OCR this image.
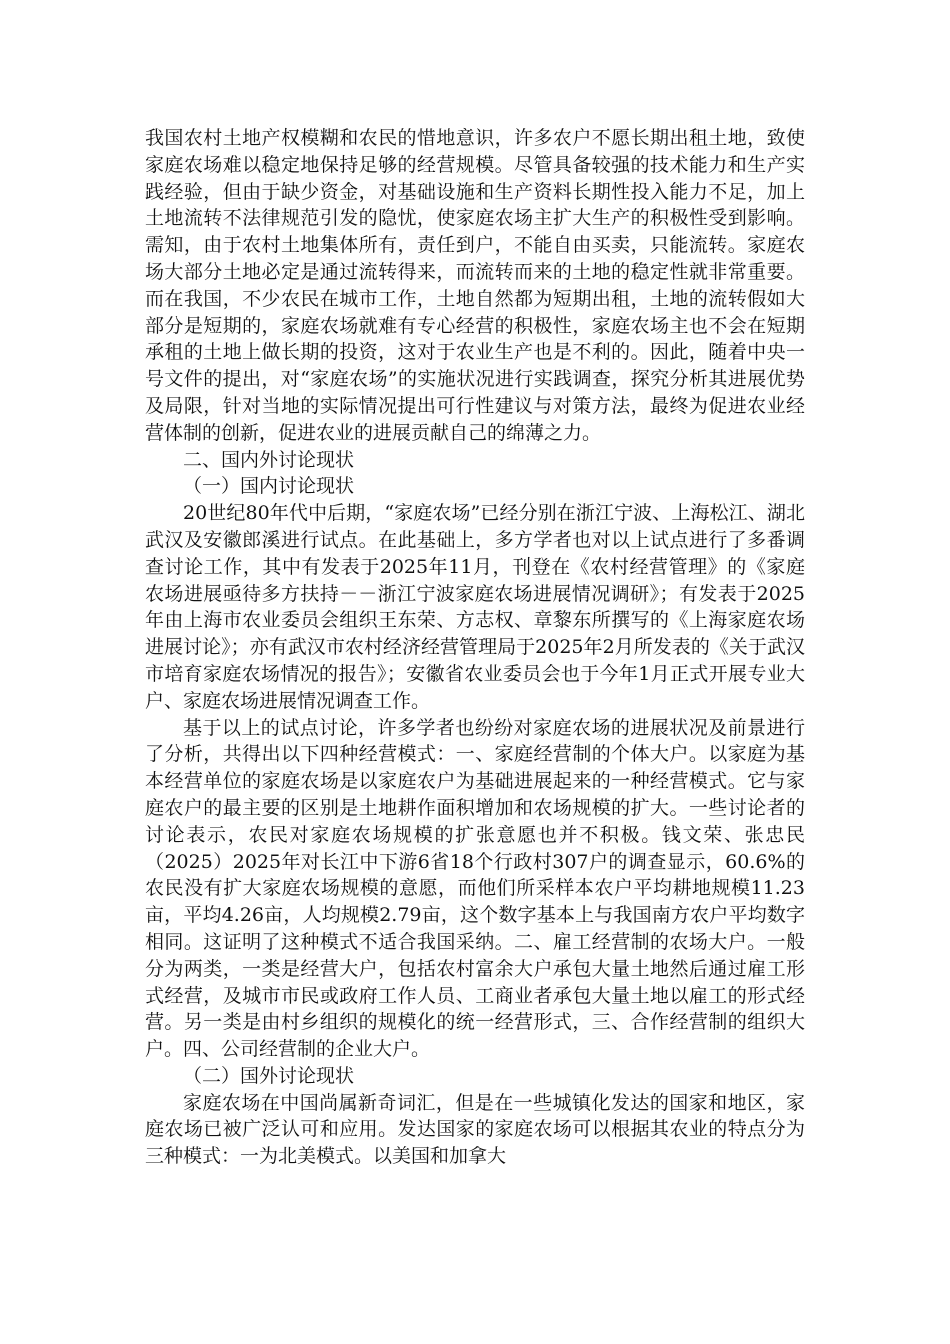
我国农村土地产权模糊和农民的惜地意识，许多农户不愿长期出租土地，致使家庭农场难以稳定地保持足够的经营规模。尽管具备较强的技术能力和生产实践经验，但由于缺少资金，对基础设施和生产资料长期性投入能力不足，加上土地流转不法律规范引发的隐忧，使家庭农场主扩大生产的积极性受到影响。需知，由于农村土地集体所有，责任到户，不能自由买卖，只能流转。家庭农场大部分土地必定是通过流转得来，而流转而来的土地的稳定性就非常重要。而在我国，不少农民在城市工作，土地自然都为短期出租，土地的流转假如大部分是短期的，家庭农场就难有专心经营的积极性，家庭农场主也不会在短期承租的土地上做长期的投资，这对于农业生产也是不利的。因此，随着中央一号文件的提出，对“家庭农场”的实施状况进行实践调查，探究分析其进展优势及局限，针对当地的实际情况提出可行性建议与对策方法，最终为促进农业经营体制的创新，促进农业的进展贡献自己的绵薄之力。

二、国内外讨论现状

（一）国内讨论现状

20世纪80年代中后期，“家庭农场”已经分别在浙江宁波、上海松江、湖北武汉及安徽郎溪进行试点。在此基础上，多方学者也对以上试点进行了多番调查讨论工作，其中有发表于2025年11月，刊登在《农村经营管理》的《家庭农场进展亟待多方扶持－－浙江宁波家庭农场进展情况调研》；有发表于2025年由上海市农业委员会组织王东荣、方志权、章黎东所撰写的《上海家庭农场进展讨论》；亦有武汉市农村经济经营管理局于2025年2月所发表的《关于武汉市培育家庭农场情况的报告》；安徽省农业委员会也于今年1月正式开展专业大户、家庭农场进展情况调查工作。

基于以上的试点讨论，许多学者也纷纷对家庭农场的进展状况及前景进行了分析，共得出以下四种经营模式：一、家庭经营制的个体大户。以家庭为基本经营单位的家庭农场是以家庭农户为基础进展起来的一种经营模式。它与家庭农户的最主要的区别是土地耕作面积增加和农场规模的扩大。一些讨论者的讨论表示，农民对家庭农场规模的扩张意愿也并不积极。钱文荣、张忠民（2025）2025年对长江中下游6省18个行政村307户的调查显示，60.6%的农民没有扩大家庭农场规模的意愿，而他们所采样本农户平均耕地规模11.23亩，平均4.26亩，人均规模2.79亩，这个数字基本上与我国南方农户平均数字相同。这证明了这种模式不适合我国采纳。二、雇工经营制的农场大户。一般分为两类，一类是经营大户，包括农村富余大户承包大量土地然后通过雇工形式经营，及城市市民或政府工作人员、工商业者承包大量土地以雇工的形式经营。另一类是由村乡组织的规模化的统一经营形式，三、合作经营制的组织大户。四、公司经营制的企业大户。

（二）国外讨论现状

家庭农场在中国尚属新奇词汇，但是在一些城镇化发达的国家和地区，家庭农场已被广泛认可和应用。发达国家的家庭农场可以根据其农业的特点分为三种模式：一为北美模式。以美国和加拿大
